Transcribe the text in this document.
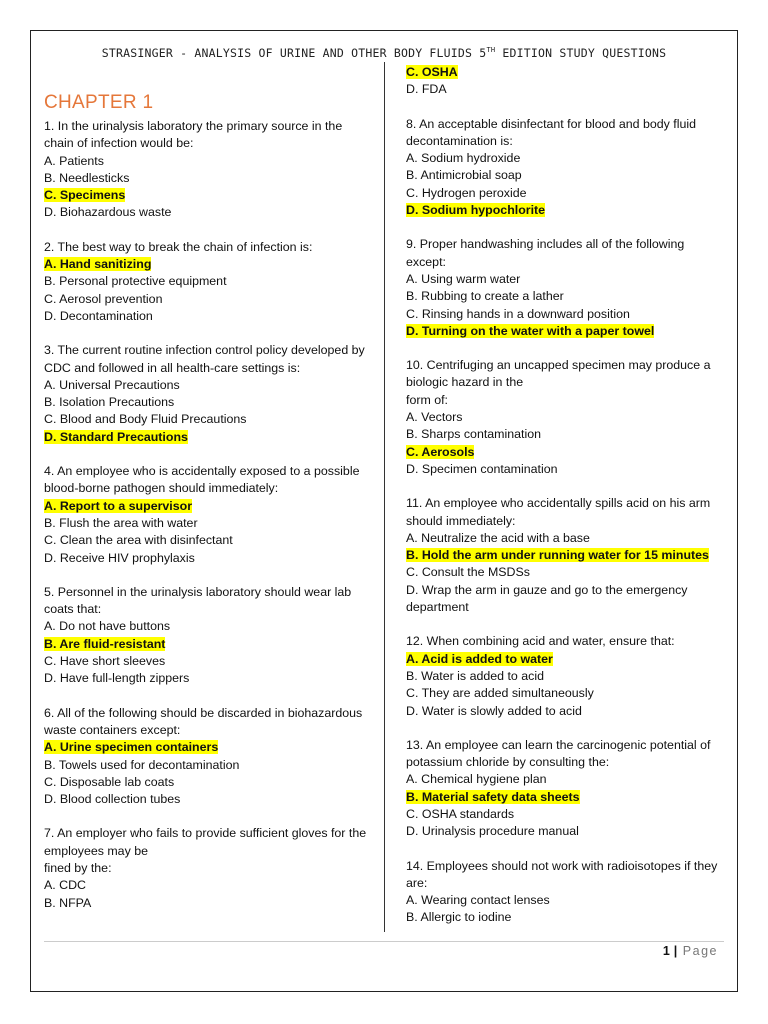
STRASINGER - ANALYSIS OF URINE AND OTHER BODY FLUIDS 5TH EDITION STUDY QUESTIONS
CHAPTER 1
1. In the urinalysis laboratory the primary source in the chain of infection would be:
A. Patients
B. Needlesticks
C. Specimens
D. Biohazardous waste
2. The best way to break the chain of infection is:
A. Hand sanitizing
B. Personal protective equipment
C. Aerosol prevention
D. Decontamination
3. The current routine infection control policy developed by CDC and followed in all health-care settings is:
A. Universal Precautions
B. Isolation Precautions
C. Blood and Body Fluid Precautions
D. Standard Precautions
4. An employee who is accidentally exposed to a possible blood-borne pathogen should immediately:
A. Report to a supervisor
B. Flush the area with water
C. Clean the area with disinfectant
D. Receive HIV prophylaxis
5. Personnel in the urinalysis laboratory should wear lab coats that:
A. Do not have buttons
B. Are fluid-resistant
C. Have short sleeves
D. Have full-length zippers
6. All of the following should be discarded in biohazardous waste containers except:
A. Urine specimen containers
B. Towels used for decontamination
C. Disposable lab coats
D. Blood collection tubes
7. An employer who fails to provide sufficient gloves for the employees may be
fined by the:
A. CDC
B. NFPA
C. OSHA
D. FDA
8. An acceptable disinfectant for blood and body fluid decontamination is:
A. Sodium hydroxide
B. Antimicrobial soap
C. Hydrogen peroxide
D. Sodium hypochlorite
9. Proper handwashing includes all of the following except:
A. Using warm water
B. Rubbing to create a lather
C. Rinsing hands in a downward position
D. Turning on the water with a paper towel
10. Centrifuging an uncapped specimen may produce a biologic hazard in the
form of:
A. Vectors
B. Sharps contamination
C. Aerosols
D. Specimen contamination
11. An employee who accidentally spills acid on his arm should immediately:
A. Neutralize the acid with a base
B. Hold the arm under running water for 15 minutes
C. Consult the MSDSs
D. Wrap the arm in gauze and go to the emergency department
12. When combining acid and water, ensure that:
A. Acid is added to water
B. Water is added to acid
C. They are added simultaneously
D. Water is slowly added to acid
13. An employee can learn the carcinogenic potential of potassium chloride by consulting the:
A. Chemical hygiene plan
B. Material safety data sheets
C. OSHA standards
D. Urinalysis procedure manual
14. Employees should not work with radioisotopes if they are:
A. Wearing contact lenses
B. Allergic to iodine
1 | Page
